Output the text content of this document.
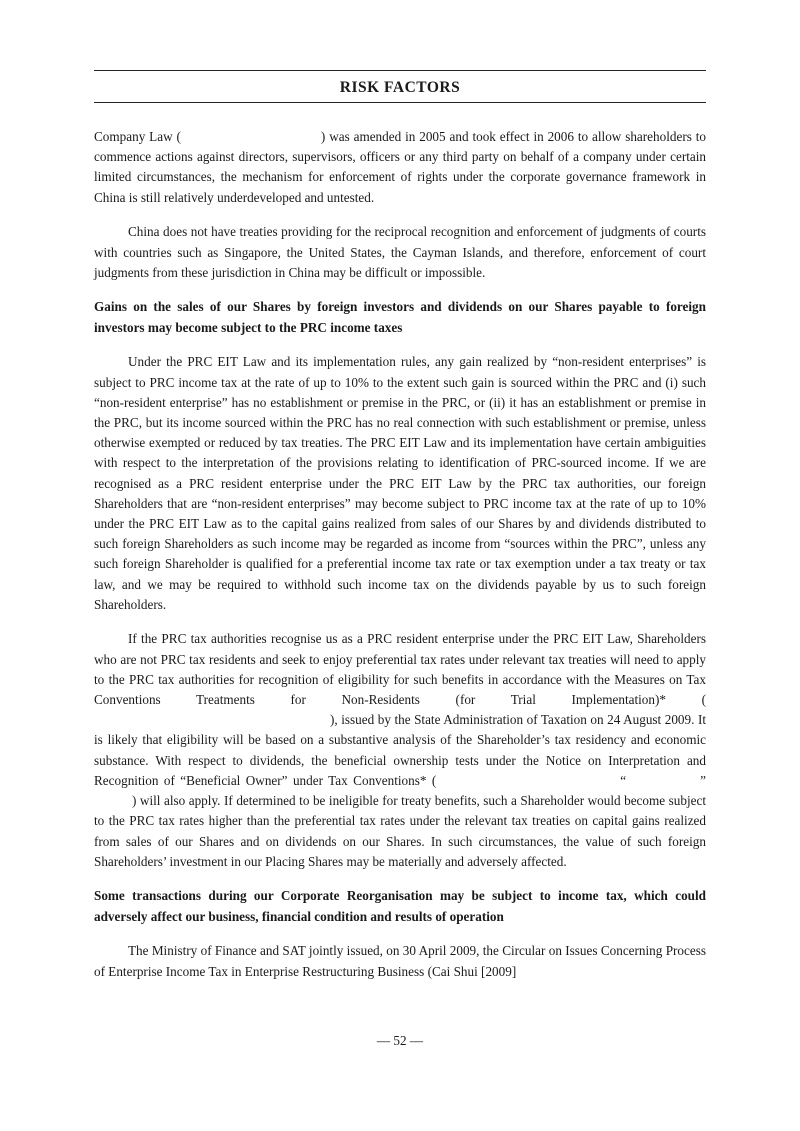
RISK FACTORS

Company Law (	) was amended in 2005 and took effect in 2006 to allow shareholders to commence actions against directors, supervisors, officers or any third party on behalf of a company under certain limited circumstances, the mechanism for enforcement of rights under the corporate governance framework in China is still relatively underdeveloped and untested.

China does not have treaties providing for the reciprocal recognition and enforcement of judgments of courts with countries such as Singapore, the United States, the Cayman Islands, and therefore, enforcement of court judgments from these jurisdiction in China may be difficult or impossible.

Gains on the sales of our Shares by foreign investors and dividends on our Shares payable to foreign investors may become subject to the PRC income taxes

Under the PRC EIT Law and its implementation rules, any gain realized by “non-resident enterprises” is subject to PRC income tax at the rate of up to 10% to the extent such gain is sourced within the PRC and (i) such “non-resident enterprise” has no establishment or premise in the PRC, or (ii) it has an establishment or premise in the PRC, but its income sourced within the PRC has no real connection with such establishment or premise, unless otherwise exempted or reduced by tax treaties. The PRC EIT Law and its implementation have certain ambiguities with respect to the interpretation of the provisions relating to identification of PRC-sourced income. If we are recognised as a PRC resident enterprise under the PRC EIT Law by the PRC tax authorities, our foreign Shareholders that are “non-resident enterprises” may become subject to PRC income tax at the rate of up to 10% under the PRC EIT Law as to the capital gains realized from sales of our Shares by and dividends distributed to such foreign Shareholders as such income may be regarded as income from “sources within the PRC”, unless any such foreign Shareholder is qualified for a preferential income tax rate or tax exemption under a tax treaty or tax law, and we may be required to withhold such income tax on the dividends payable by us to such foreign Shareholders.

If the PRC tax authorities recognise us as a PRC resident enterprise under the PRC EIT Law, Shareholders who are not PRC tax residents and seek to enjoy preferential tax rates under relevant tax treaties will need to apply to the PRC tax authorities for recognition of eligibility for such benefits in accordance with the Measures on Tax Conventions Treatments for Non-Residents (for Trial Implementation)* (), issued by the State Administration of Taxation on 24 August 2009. It is likely that eligibility will be based on a substantive analysis of the Shareholder’s tax residency and economic substance. With respect to dividends, the beneficial ownership tests under the Notice on Interpretation and Recognition of “Beneficial Owner” under Tax Conventions* (	“	”) will also apply. If determined to be ineligible for treaty benefits, such a Shareholder would become subject to the PRC tax rates higher than the preferential tax rates under the relevant tax treaties on capital gains realized from sales of our Shares and on dividends on our Shares. In such circumstances, the value of such foreign Shareholders’ investment in our Placing Shares may be materially and adversely affected.

Some transactions during our Corporate Reorganisation may be subject to income tax, which could adversely affect our business, financial condition and results of operation

The Ministry of Finance and SAT jointly issued, on 30 April 2009, the Circular on Issues Concerning Process of Enterprise Income Tax in Enterprise Restructuring Business (Cai Shui [2009]

— 52 —
